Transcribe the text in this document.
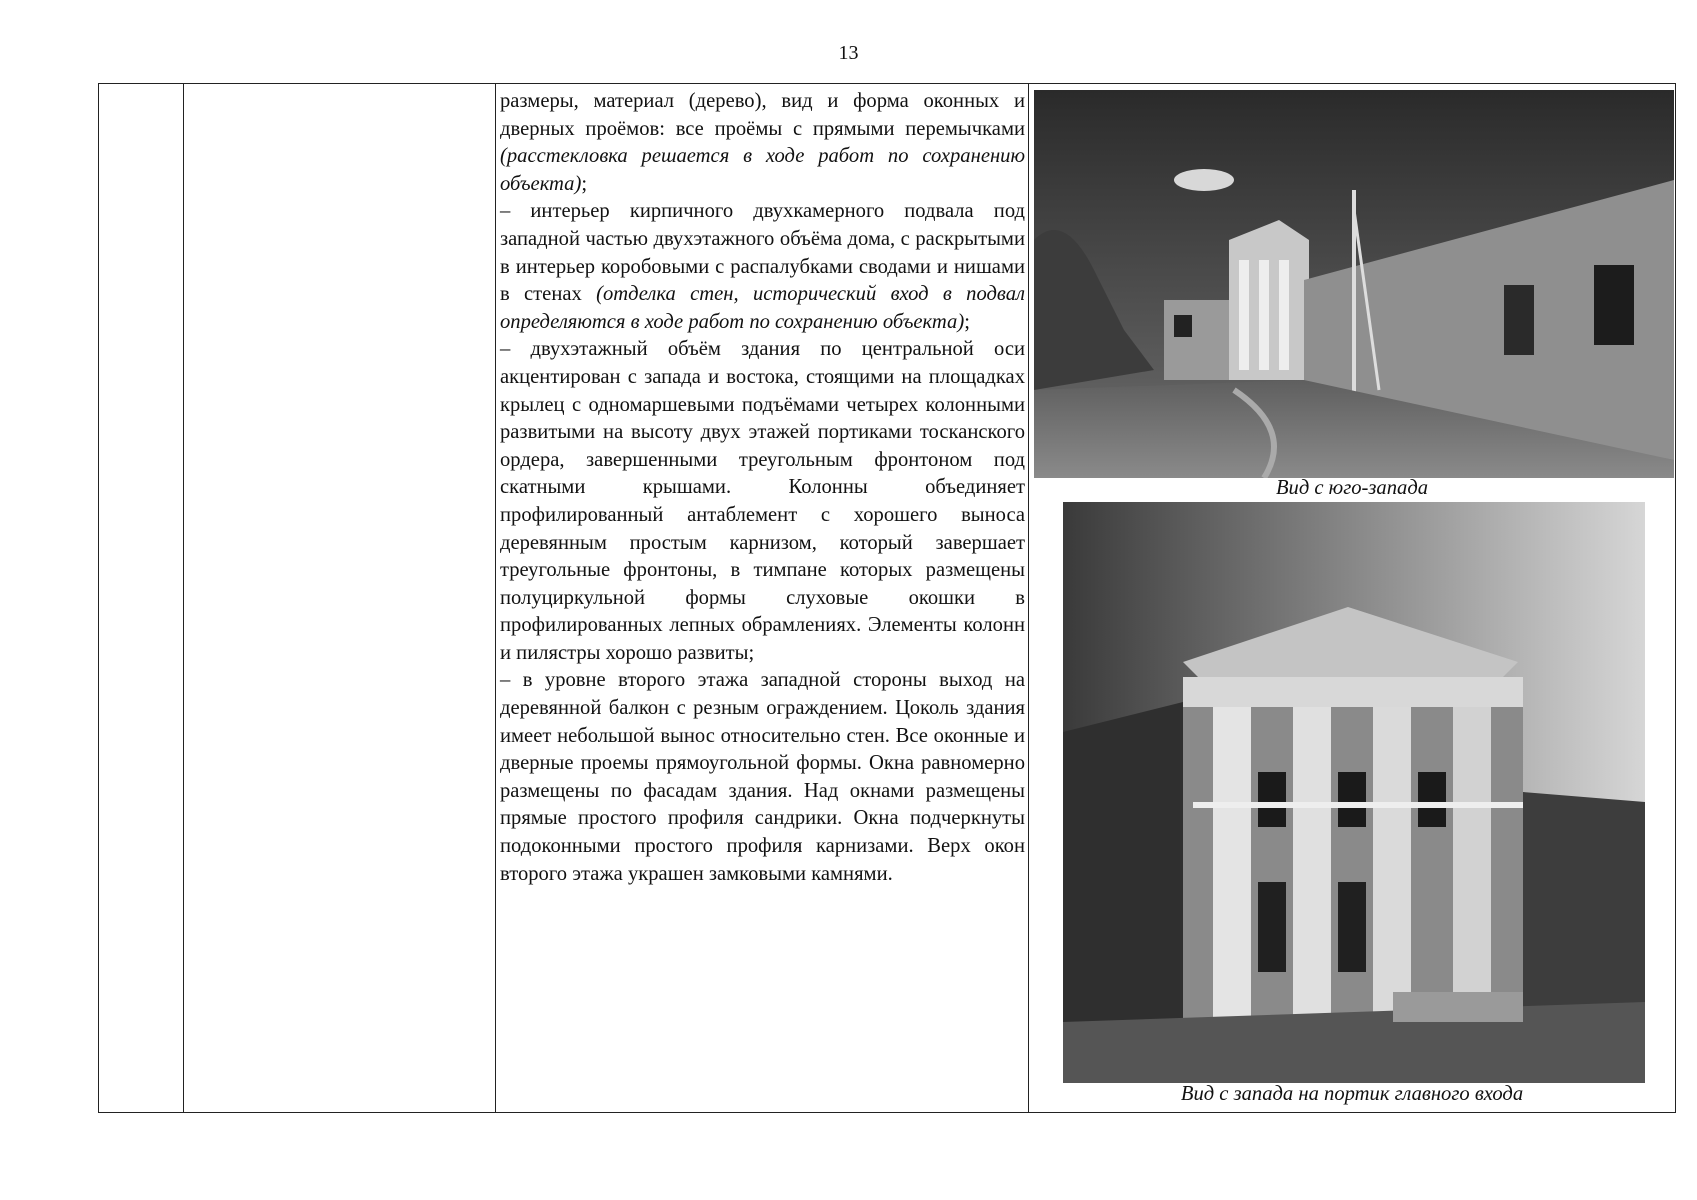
13

размеры, материал (дерево), вид и форма оконных и дверных проёмов: все проёмы с прямыми перемычками (расстекловка решается в ходе работ по сохранению объекта);

– интерьер кирпичного двухкамерного подвала под западной частью двухэтажного объёма дома, с раскрытыми в интерьер коробовыми с распалубками сводами и нишами в стенах (отделка стен, исторический вход в подвал определяются в ходе работ по сохранению объекта);

– двухэтажный объём здания по центральной оси акцентирован с запада и востока, стоящими на площадках крылец с одномаршевыми подъёмами четырех колонными развитыми на высоту двух этажей портиками тосканского ордера, завершенными треугольным фронтоном под скатными крышами. Колонны объединяет профилированный антаблемент с хорошего выноса деревянным простым карнизом, который завершает треугольные фронтоны, в тимпане которых размещены полуциркульной формы слуховые окошки в профилированных лепных обрамлениях. Элементы колонн и пилястры хорошо развиты;

– в уровне второго этажа западной стороны выход на деревянной балкон с резным ограждением. Цоколь здания имеет небольшой вынос относительно стен. Все оконные и дверные проемы прямоугольной формы. Окна равномерно размещены по фасадам здания. Над окнами размещены прямые простого профиля сандрики. Окна подчеркнуты подоконными простого профиля карнизами. Верх окон второго этажа украшен замковыми камнями.

Вид с юго-запада
Вид с запада на портик главного входа
